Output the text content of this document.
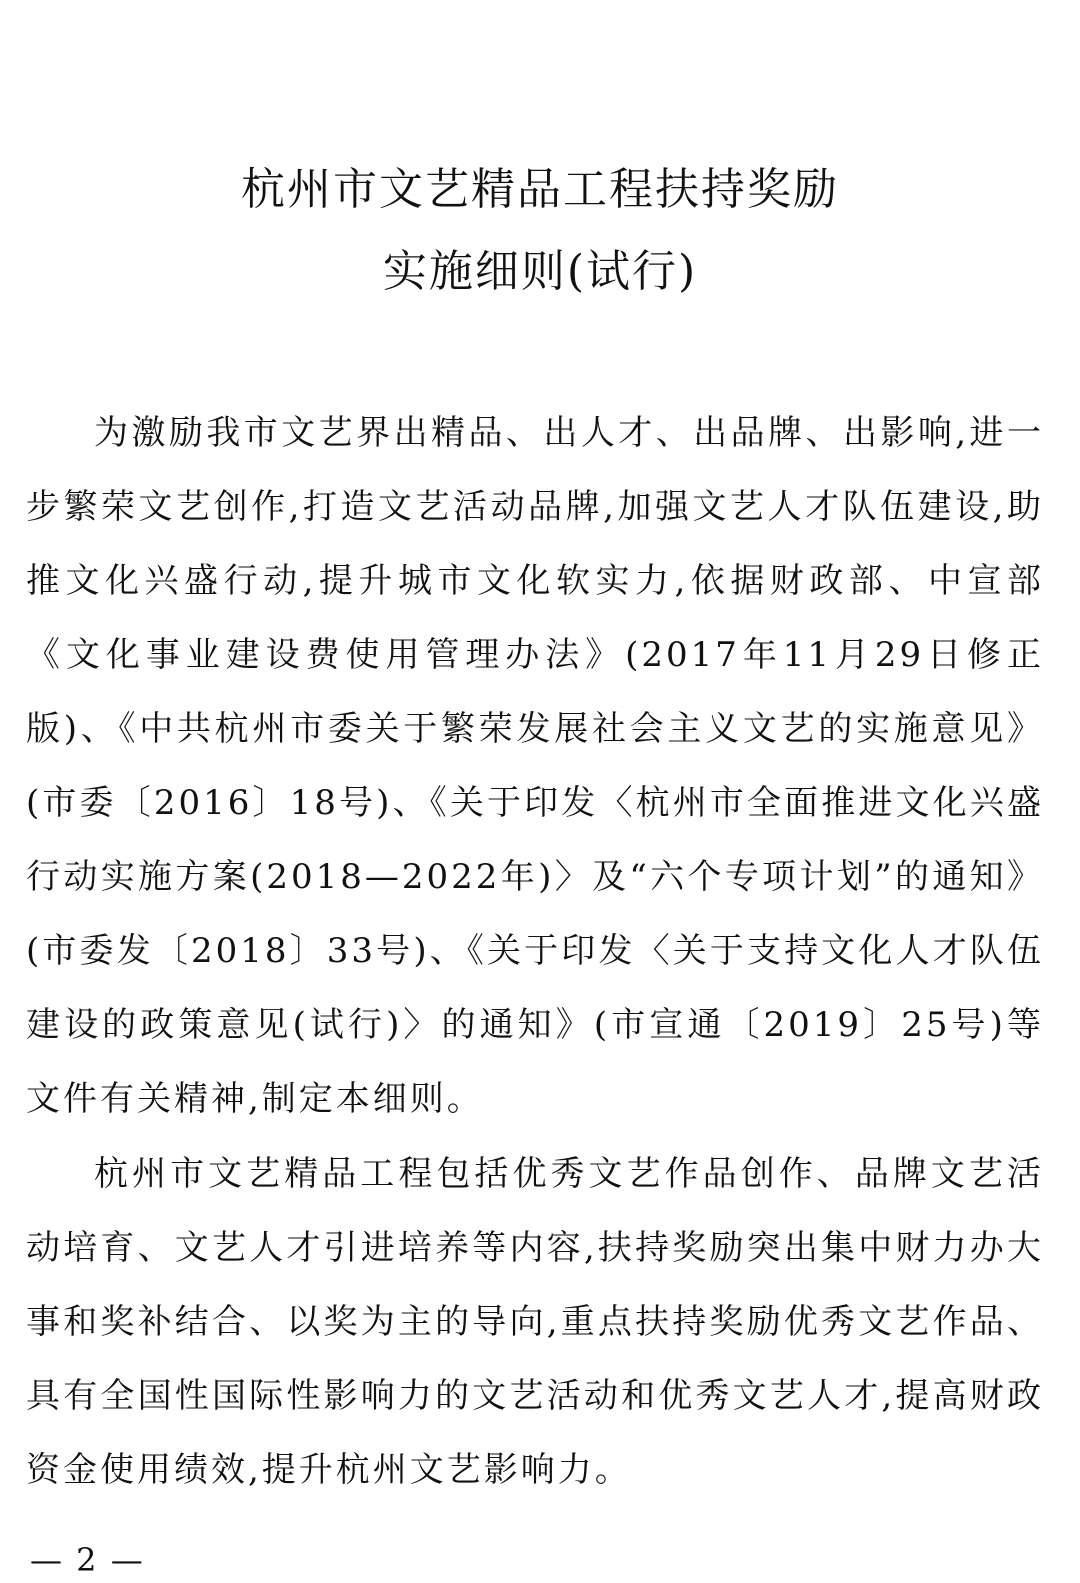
杭州市文艺精品工程扶持奖励
实施细则(试行)

为激励我市文艺界出精品、出人才、出品牌、出影响,进一步繁荣文艺创作,打造文艺活动品牌,加强文艺人才队伍建设,助推文化兴盛行动,提升城市文化软实力,依据财政部、中宣部《文化事业建设费使用管理办法》(2017年11月29日修正版)、《中共杭州市委关于繁荣发展社会主义文艺的实施意见》(市委〔2016〕18号)、《关于印发〈杭州市全面推进文化兴盛行动实施方案(2018—2022年)〉及“六个专项计划”的通知》(市委发〔2018〕33号)、《关于印发〈关于支持文化人才队伍建设的政策意见(试行)〉的通知》(市宣通〔2019〕25号)等文件有关精神,制定本细则。

杭州市文艺精品工程包括优秀文艺作品创作、品牌文艺活动培育、文艺人才引进培养等内容,扶持奖励突出集中财力办大事和奖补结合、以奖为主的导向,重点扶持奖励优秀文艺作品、具有全国性国际性影响力的文艺活动和优秀文艺人才,提高财政资金使用绩效,提升杭州文艺影响力。

— 2 —
